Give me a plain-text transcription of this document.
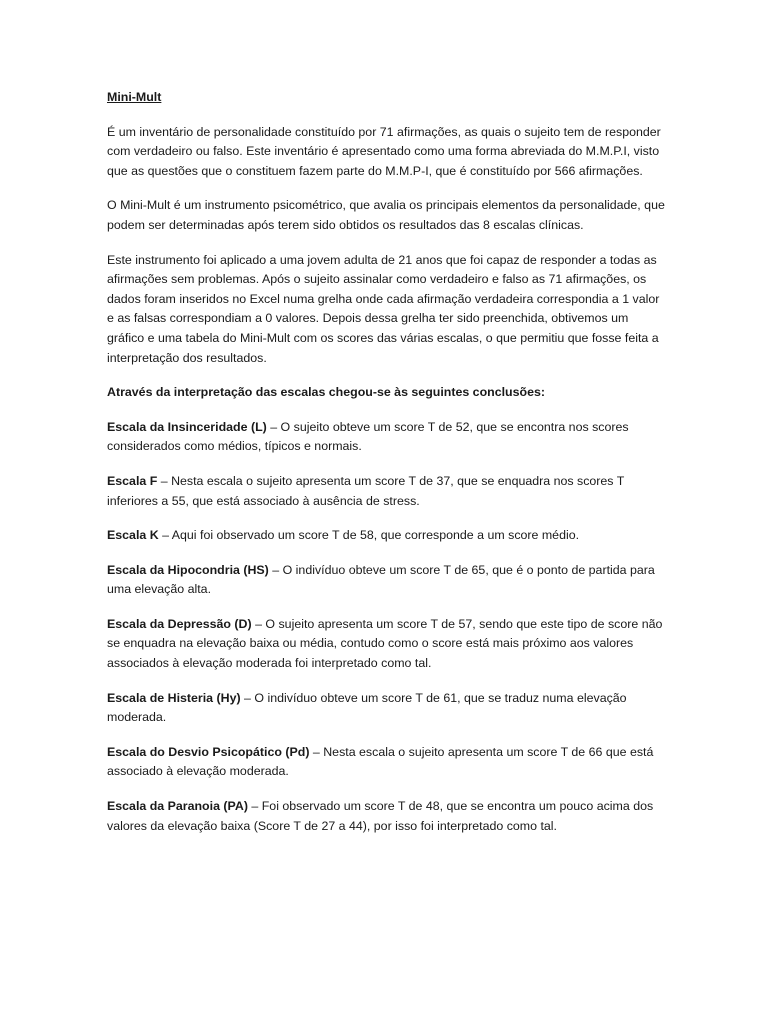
Mini-Mult

É um inventário de personalidade constituído por 71 afirmações, as quais o sujeito tem de responder com verdadeiro ou falso. Este inventário é apresentado como uma forma abreviada do M.M.P.I, visto que as questões que o constituem fazem parte do M.M.P-I, que é constituído por 566 afirmações.

O Mini-Mult é um instrumento psicométrico, que avalia os principais elementos da personalidade, que podem ser determinadas após terem sido obtidos os resultados das 8 escalas clínicas.

Este instrumento foi aplicado a uma jovem adulta de 21 anos que foi capaz de responder a todas as afirmações sem problemas. Após o sujeito assinalar como verdadeiro e falso as 71 afirmações, os dados foram inseridos no Excel numa grelha onde cada afirmação verdadeira correspondia a 1 valor e as falsas correspondiam a 0 valores. Depois dessa grelha ter sido preenchida, obtivemos um gráfico e uma tabela do Mini-Mult com os scores das várias escalas, o que permitiu que fosse feita a interpretação dos resultados.

Através da interpretação das escalas chegou-se às seguintes conclusões:

Escala da Insinceridade (L) – O sujeito obteve um score T de 52, que se encontra nos scores considerados como médios, típicos e normais.

Escala F – Nesta escala o sujeito apresenta um score T de 37, que se enquadra nos scores T inferiores a 55, que está associado à ausência de stress.

Escala K – Aqui foi observado um score T de 58, que corresponde a um score médio.

Escala da Hipocondria (HS) – O indivíduo obteve um score T de 65, que é o ponto de partida para uma elevação alta.

Escala da Depressão (D) – O sujeito apresenta um score T de 57, sendo que este tipo de score não se enquadra na elevação baixa ou média, contudo como o score está mais próximo aos valores associados à elevação moderada foi interpretado como tal.

Escala de Histeria (Hy) – O indivíduo obteve um score T de 61, que se traduz numa elevação moderada.

Escala do Desvio Psicopático (Pd) – Nesta escala o sujeito apresenta um score T de 66 que está associado à elevação moderada.

Escala da Paranoia (PA) – Foi observado um score T de 48, que se encontra um pouco acima dos valores da elevação baixa (Score T de 27 a 44), por isso foi interpretado como tal.
